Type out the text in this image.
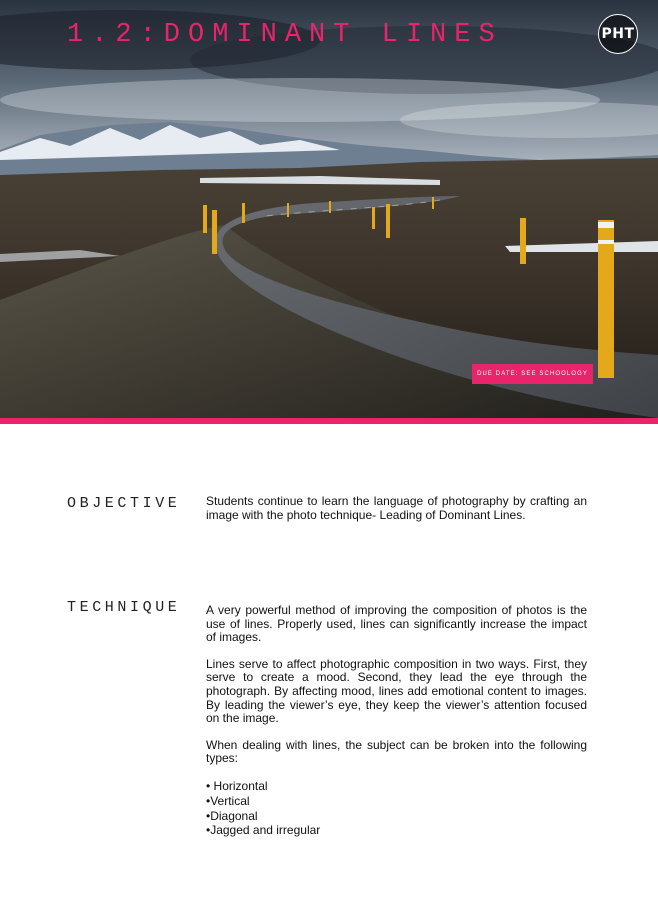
1.2:DOMINANT LINES	PHT
DUE DATE: SEE SCHOOLOGY
OBJECTIVE Students continue to learn the language of photography by crafting an image with the photo technique- Leading of Dominant Lines.

TECHNIQUE A very powerful method of improving the composition of photos is the use of lines. Properly used, lines can significantly increase the impact of images.

Lines serve to affect photographic composition in two ways. First, they serve to create a mood. Second, they lead the eye through the photograph. By affecting mood, lines add emotional content to images. By leading the viewer’s eye, they keep the viewer’s attention focused on the image.

When dealing with lines, the subject can be broken into the following types:

• Horizontal
•Vertical
•Diagonal
•Jagged and irregular
